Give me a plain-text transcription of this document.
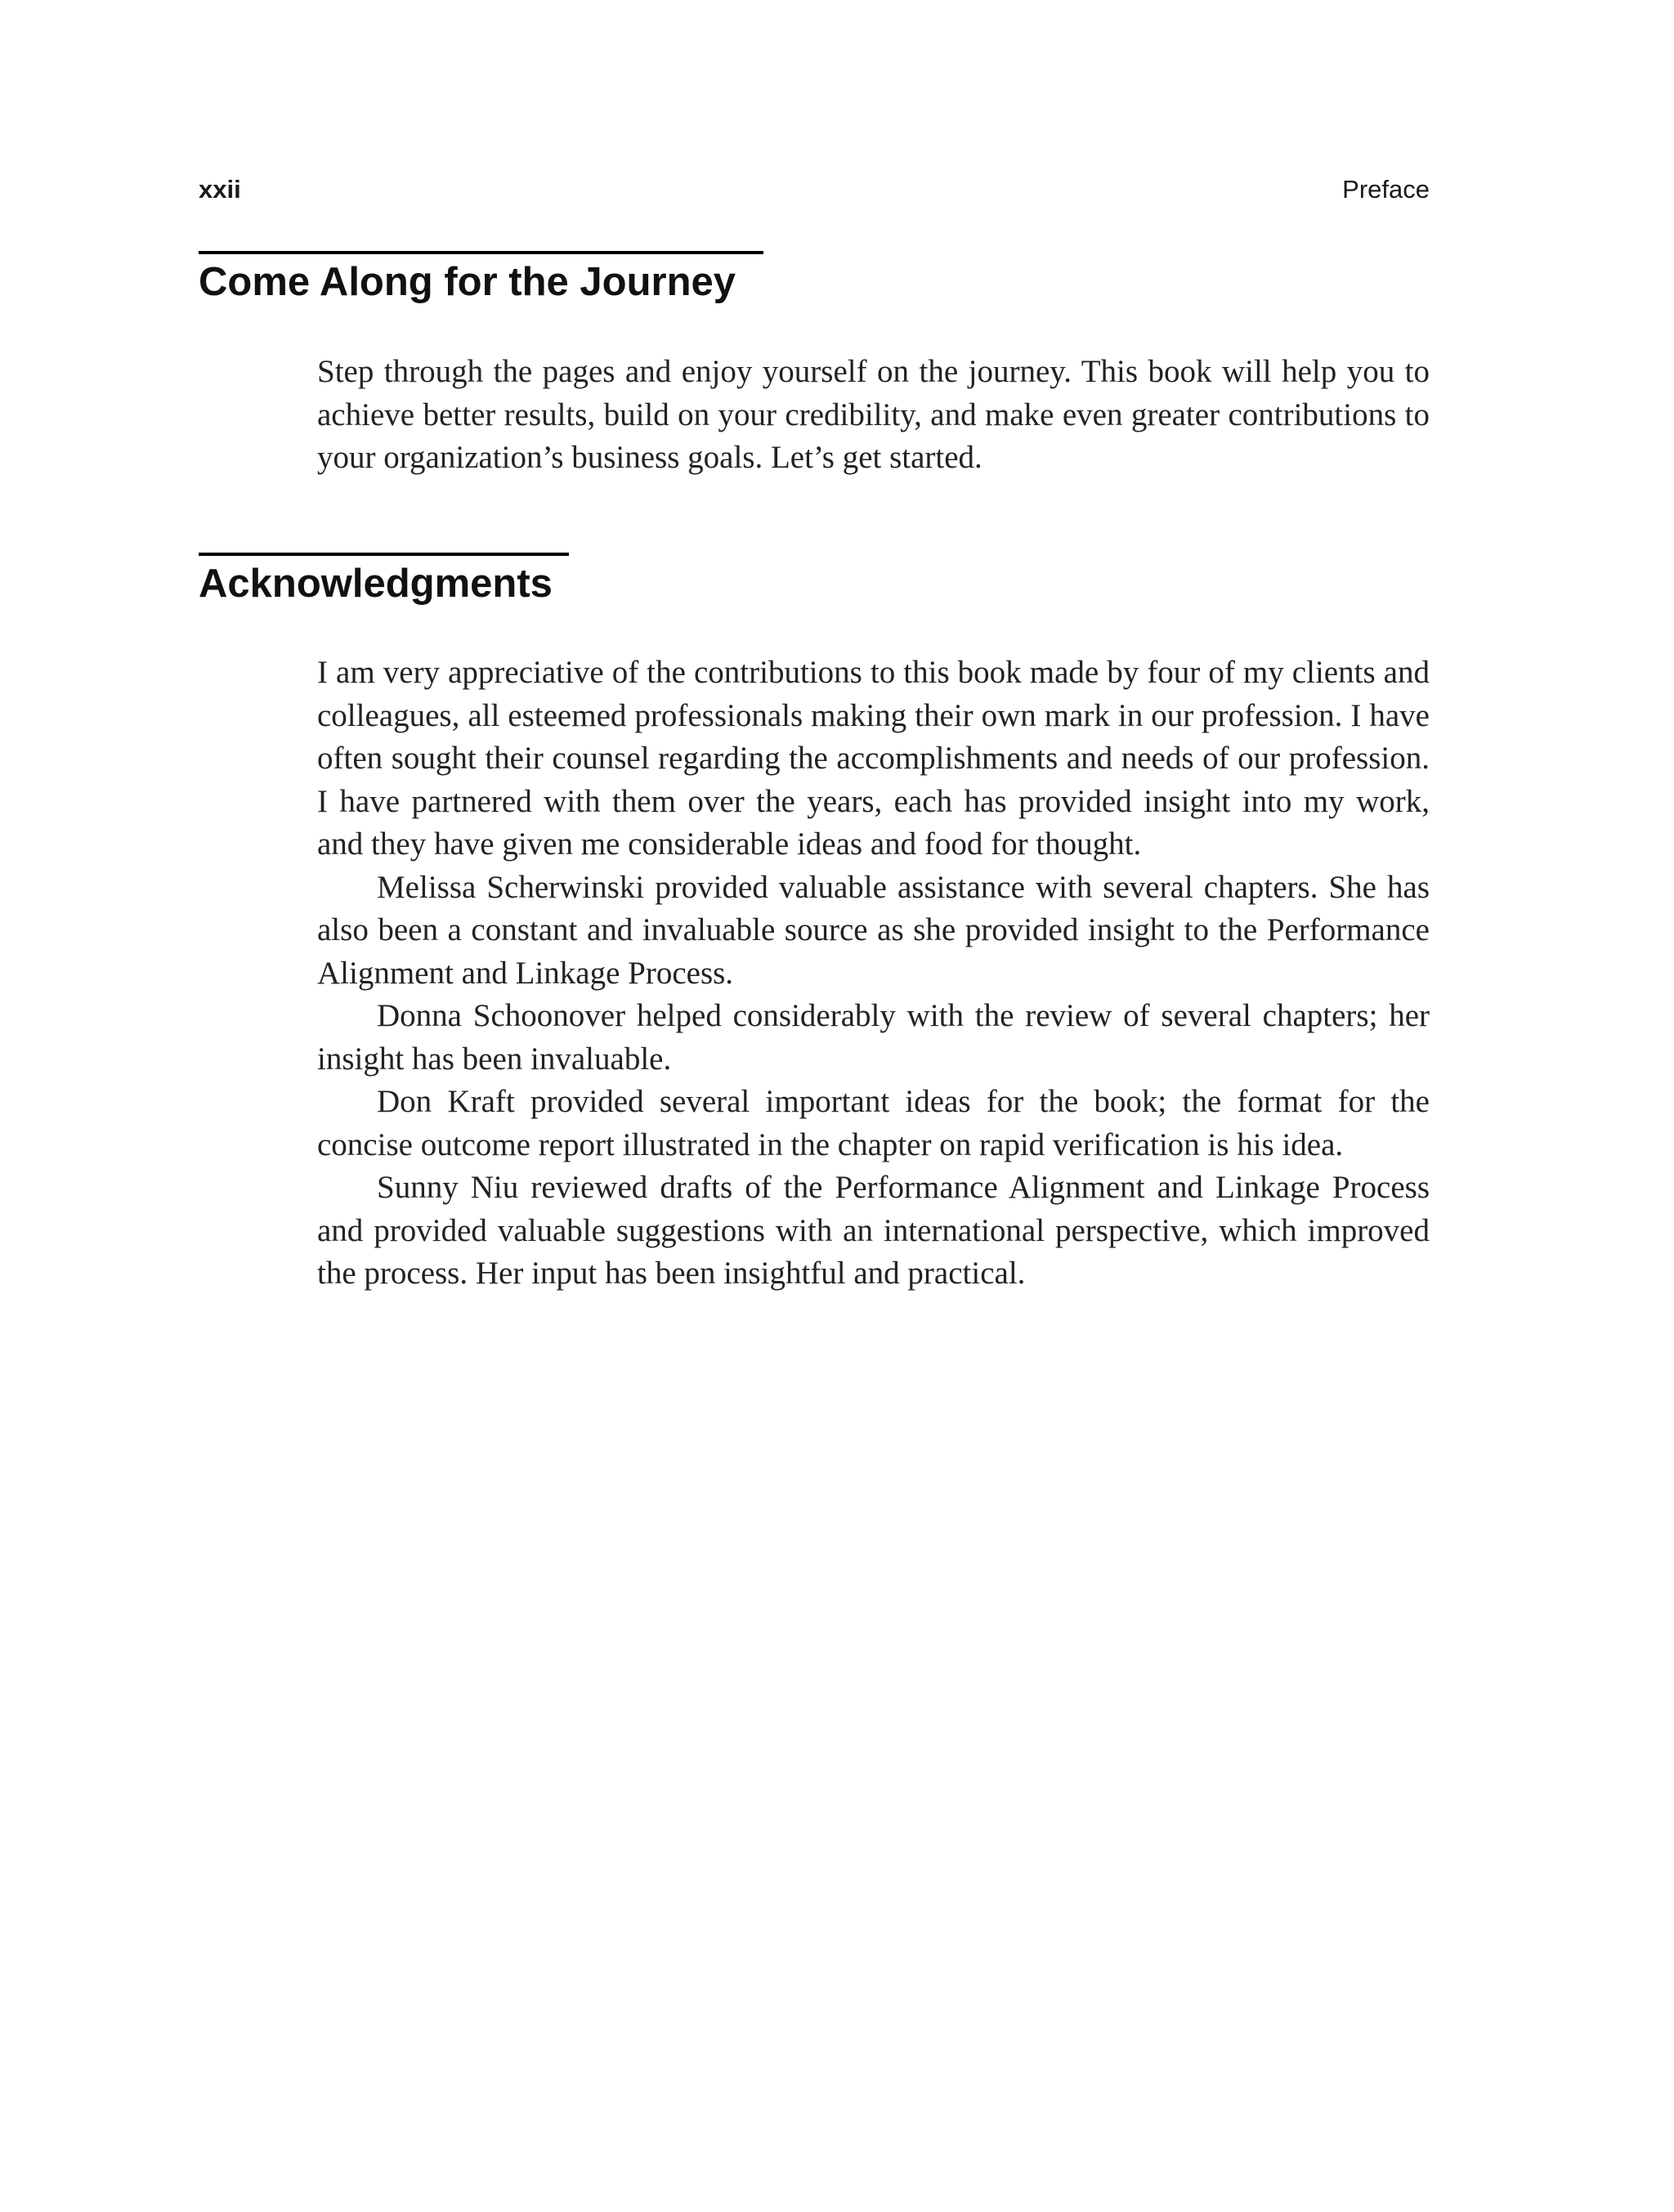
xxii	Preface
Come Along for the Journey

Step through the pages and enjoy yourself on the journey. This book will help you to achieve better results, build on your credibility, and make even greater contributions to your organization’s business goals. Let’s get started.

Acknowledgments

I am very appreciative of the contributions to this book made by four of my clients and colleagues, all esteemed professionals making their own mark in our profession. I have often sought their counsel regarding the accomplishments and needs of our profession. I have partnered with them over the years, each has provided insight into my work, and they have given me considerable ideas and food for thought.

Melissa Scherwinski provided valuable assistance with several chapters. She has also been a constant and invaluable source as she provided insight to the Performance Alignment and Linkage Process.

Donna Schoonover helped considerably with the review of several chapters; her insight has been invaluable.

Don Kraft provided several important ideas for the book; the format for the concise outcome report illustrated in the chapter on rapid verification is his idea.

Sunny Niu reviewed drafts of the Performance Alignment and Linkage Process and provided valuable suggestions with an international perspective, which improved the process. Her input has been insightful and practical.
